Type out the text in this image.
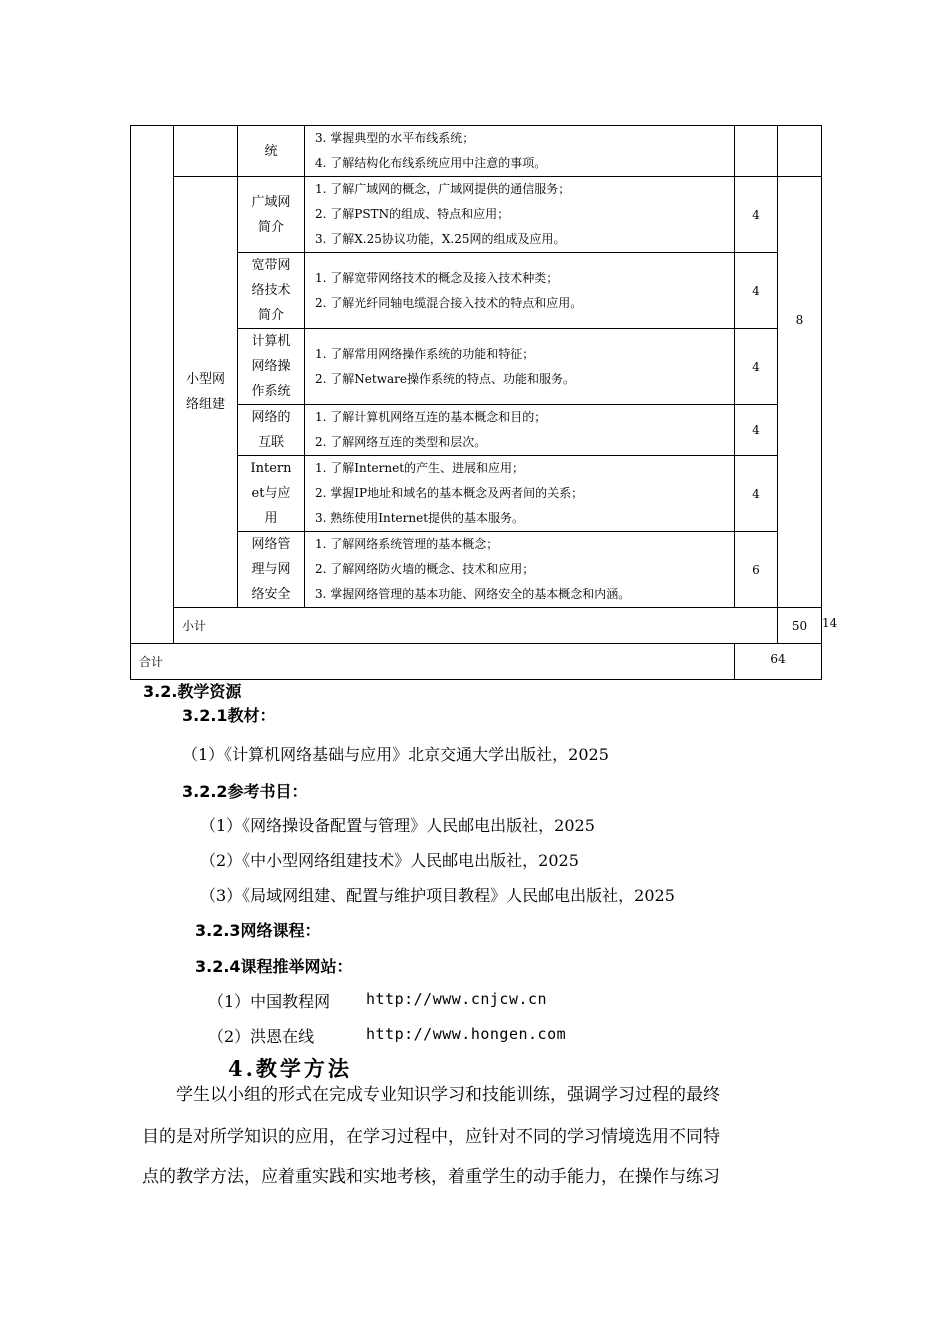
		统	3. 掌握典型的水平布线系统；
4. 了解结构化布线系统应用中注意的事项。			

	小型网
络组建	广域网
简介	1. 了解广域网的概念，广域网提供的通信服务；
2. 了解PSTN的组成、特点和应用；
3. 了解X.25协议功能，X.25网的组成及应用。	4	8	

		宽带网
络技术
简介	1. 了解宽带网络技术的概念及接入技术种类；
2. 了解光纤同轴电缆混合接入技术的特点和应用。	4		

		计算机
网络操
作系统	1. 了解常用网络操作系统的功能和特征；
2. 了解Netware操作系统的特点、功能和服务。	4		

		网络的
互联	1. 了解计算机网络互连的基本概念和目的；
2. 了解网络互连的类型和层次。	4		

		Intern
et与应
用	1. 了解Internet的产生、进展和应用；
2. 掌握IP地址和域名的基本概念及两者间的关系；
3. 熟练使用Internet提供的基本服务。	4		

		网络管
理与网
络安全	1. 了解网络系统管理的基本概念；
2. 了解网络防火墙的概念、技术和应用；
3. 掌握网络管理的基本功能、网络安全的基本概念和内涵。	6		
	小计				50	14
合计				64		
3.2.教学资源
3.2.1教材：
（1）《计算机网络基础与应用》北京交通大学出版社，2025
3.2.2参考书目：
（1）《网络操设备配置与管理》人民邮电出版社，2025
（2）《中小型网络组建技术》人民邮电出版社，2025
（3）《局域网组建、配置与维护项目教程》人民邮电出版社，2025
3.2.3网络课程：
3.2.4课程推举网站：
（1）中国教程网 http://www.cnjcw.cn
（2）洪恩在线	http://www.hongen.com
4.教学方法
学生以小组的形式在完成专业知识学习和技能训练，强调学习过程的最终
目的是对所学知识的应用，在学习过程中，应针对不同的学习情境选用不同特
点的教学方法，应着重实践和实地考核，着重学生的动手能力，在操作与练习
